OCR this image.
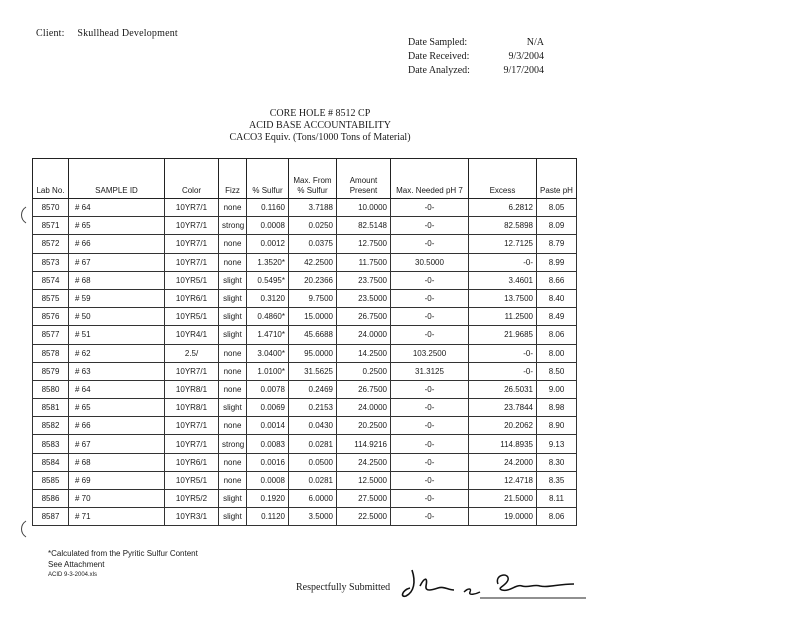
Client: Skullhead Development
Date Sampled:	N/A
Date Received:	9/3/2004
Date Analyzed:	9/17/2004
CORE HOLE # 8512 CP
ACID BASE ACCOUNTABILITY
CACO3 Equiv. (Tons/1000 Tons of Material)
Lab No.	SAMPLE ID	Color	Fizz	% Sulfur	Max. From % Sulfur	Amount Present	Max. Needed pH 7	Excess	Paste pH
8570	# 64	10YR7/1	none	0.1160	3.7188	10.0000	-0-	6.2812	8.05
8571	# 65	10YR7/1	strong	0.0008	0.0250	82.5148	-0-	82.5898	8.09
8572	# 66	10YR7/1	none	0.0012	0.0375	12.7500	-0-	12.7125	8.79
8573	# 67	10YR7/1	none	1.3520*	42.2500	11.7500	30.5000	-0-	8.99
8574	# 68	10YR5/1	slight	0.5495*	20.2366	23.7500	-0-	3.4601	8.66
8575	# 59	10YR6/1	slight	0.3120	9.7500	23.5000	-0-	13.7500	8.40
8576	# 50	10YR5/1	slight	0.4860*	15.0000	26.7500	-0-	11.2500	8.49
8577	# 51	10YR4/1	slight	1.4710*	45.6688	24.0000	-0-	21.9685	8.06
8578	# 62	2.5/	none	3.0400*	95.0000	14.2500	103.2500	-0-	8.00
8579	# 63	10YR7/1	none	1.0100*	31.5625	0.2500	31.3125	-0-	8.50
8580	# 64	10YR8/1	none	0.0078	0.2469	26.7500	-0-	26.5031	9.00
8581	# 65	10YR8/1	slight	0.0069	0.2153	24.0000	-0-	23.7844	8.98
8582	# 66	10YR7/1	none	0.0014	0.0430	20.2500	-0-	20.2062	8.90
8583	# 67	10YR7/1	strong	0.0083	0.0281	114.9216	-0-	114.8935	9.13
8584	# 68	10YR6/1	none	0.0016	0.0500	24.2500	-0-	24.2000	8.30
8585	# 69	10YR5/1	none	0.0008	0.0281	12.5000	-0-	12.4718	8.35
8586	# 70	10YR5/2	slight	0.1920	6.0000	27.5000	-0-	21.5000	8.11
8587	# 71	10YR3/1	slight	0.1120	3.5000	22.5000	-0-	19.0000	8.06
*Calculated from the Pyritic Sulfur Content
See Attachment
ACID 9-3-2004.xls
Respectfully Submitted
